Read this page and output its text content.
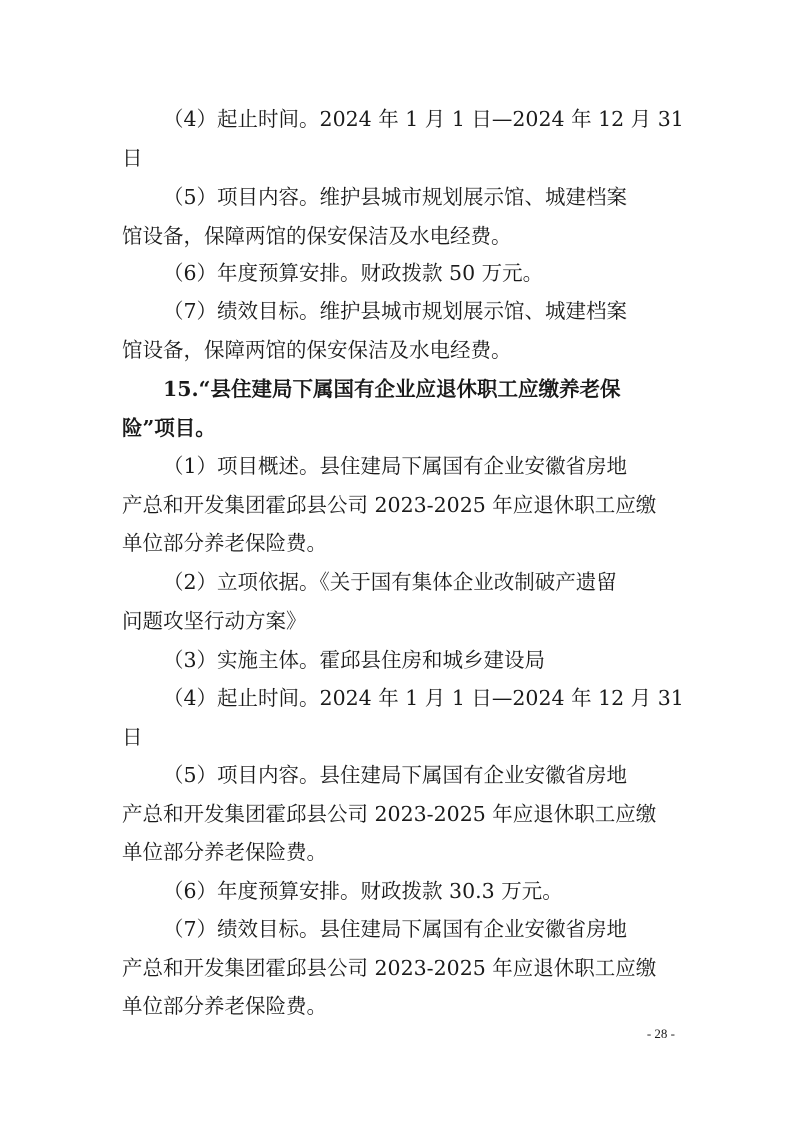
（4）起止时间。2024 年 1 月 1 日—2024 年 12 月 31
日
（5）项目内容。维护县城市规划展示馆、城建档案
馆设备，保障两馆的保安保洁及水电经费。
（6）年度预算安排。财政拨款 50 万元。
（7）绩效目标。维护县城市规划展示馆、城建档案
馆设备，保障两馆的保安保洁及水电经费。
15.“县住建局下属国有企业应退休职工应缴养老保
险”项目。
（1）项目概述。县住建局下属国有企业安徽省房地
产总和开发集团霍邱县公司 2023-2025 年应退休职工应缴
单位部分养老保险费。
（2）立项依据。《关于国有集体企业改制破产遗留
问题攻坚行动方案》
（3）实施主体。霍邱县住房和城乡建设局
（4）起止时间。2024 年 1 月 1 日—2024 年 12 月 31
日
（5）项目内容。县住建局下属国有企业安徽省房地
产总和开发集团霍邱县公司 2023-2025 年应退休职工应缴
单位部分养老保险费。
（6）年度预算安排。财政拨款 30.3 万元。
（7）绩效目标。县住建局下属国有企业安徽省房地
产总和开发集团霍邱县公司 2023-2025 年应退休职工应缴
单位部分养老保险费。
- 28 -
